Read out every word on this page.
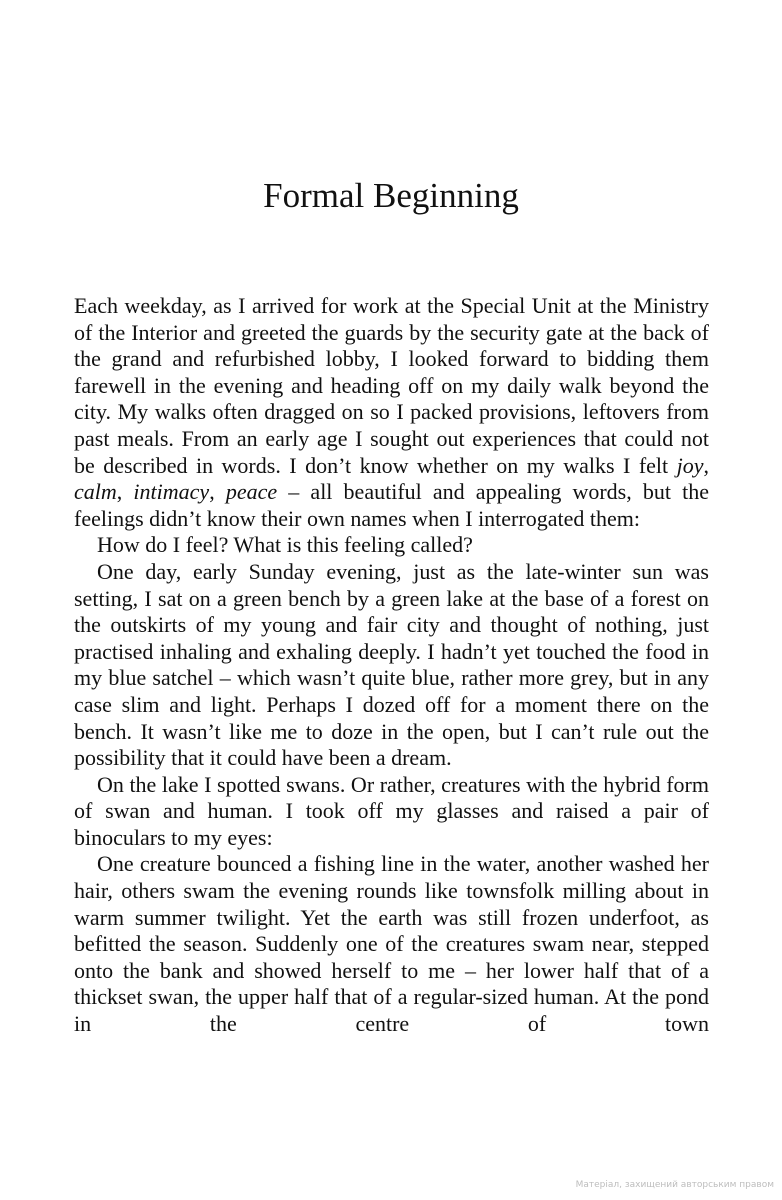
Formal Beginning

Each weekday, as I arrived for work at the Special Unit at the Ministry of the Interior and greeted the guards by the security gate at the back of the grand and refurbished lobby, I looked forward to bidding them farewell in the evening and heading off on my daily walk beyond the city. My walks often dragged on so I packed provisions, leftovers from past meals. From an early age I sought out experiences that could not be described in words. I don’t know whether on my walks I felt joy, calm, intimacy, peace – all beautiful and appealing words, but the feelings didn’t know their own names when I interrogated them:

How do I feel? What is this feeling called?

One day, early Sunday evening, just as the late-winter sun was setting, I sat on a green bench by a green lake at the base of a forest on the outskirts of my young and fair city and thought of nothing, just practised inhaling and exhaling deeply. I hadn’t yet touched the food in my blue satchel – which wasn’t quite blue, rather more grey, but in any case slim and light. Perhaps I dozed off for a moment there on the bench. It wasn’t like me to doze in the open, but I can’t rule out the possibility that it could have been a dream.

On the lake I spotted swans. Or rather, creatures with the hybrid form of swan and human. I took off my glasses and raised a pair of binoculars to my eyes:

One creature bounced a fishing line in the water, another washed her hair, others swam the evening rounds like townsfolk milling about in warm summer twilight. Yet the earth was still frozen underfoot, as befitted the season. Suddenly one of the creatures swam near, stepped onto the bank and showed herself to me – her lower half that of a thickset swan, the upper half that of a regular-sized human. At the pond in the centre of town

Матеріал, захищений авторським правом
